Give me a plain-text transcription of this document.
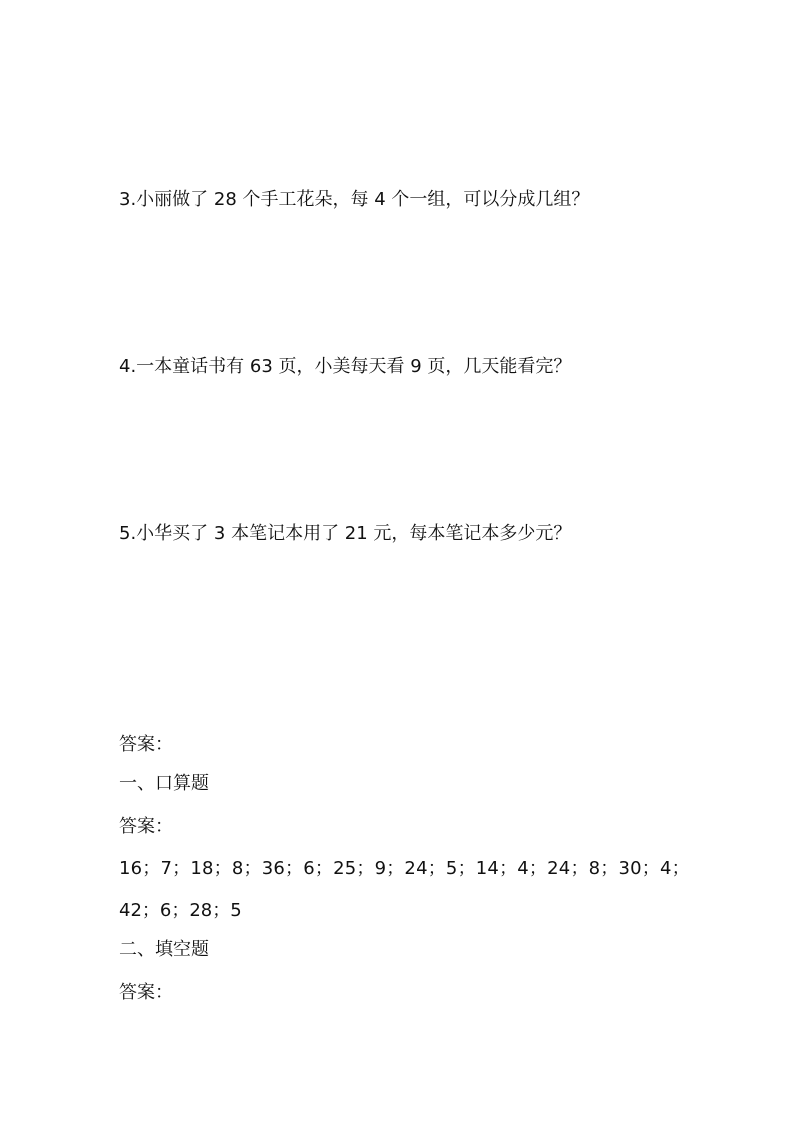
3.小丽做了 28 个手工花朵，每 4 个一组，可以分成几组？
4.一本童话书有 63 页，小美每天看 9 页，几天能看完？
5.小华买了 3 本笔记本用了 21 元，每本笔记本多少元？
答案：
一、口算题
答案：
16；7；18；8；36；6；25；9；24；5；14；4；24；8；30；4；
42；6；28；5
二、填空题
答案：
